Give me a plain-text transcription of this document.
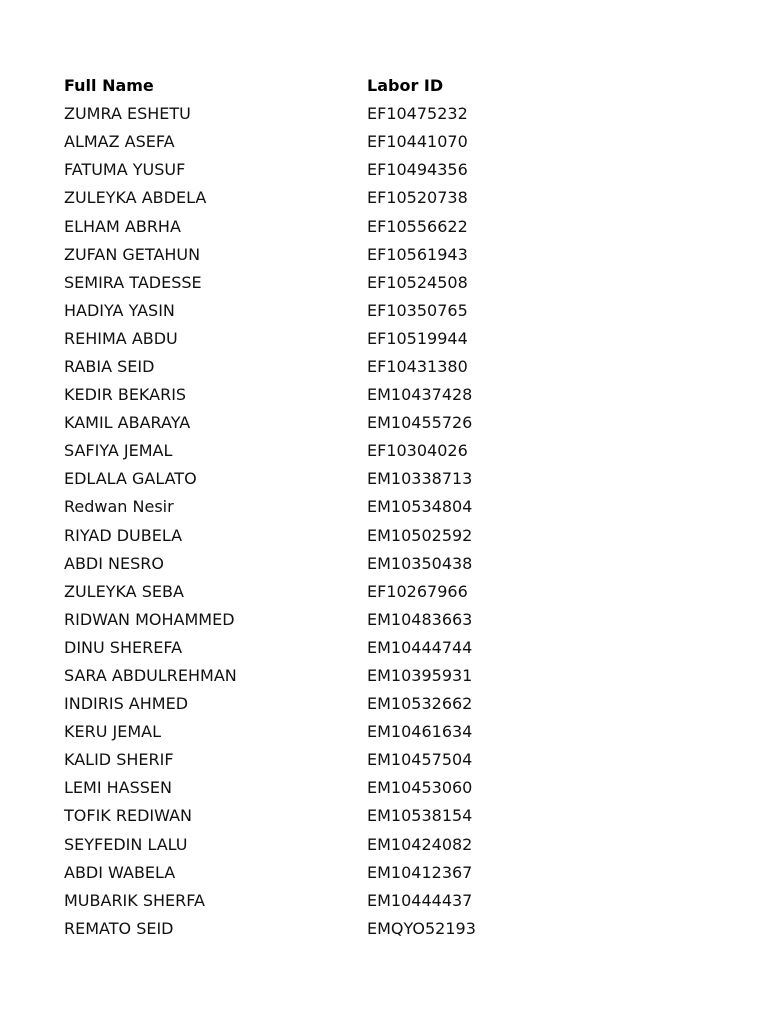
Full Name	Labor ID
ZUMRA ESHETU	EF10475232
ALMAZ ASEFA	EF10441070
FATUMA YUSUF	EF10494356
ZULEYKA ABDELA	EF10520738
ELHAM ABRHA	EF10556622
ZUFAN GETAHUN	EF10561943
SEMIRA TADESSE	EF10524508
HADIYA YASIN	EF10350765
REHIMA ABDU	EF10519944
RABIA SEID	EF10431380
KEDIR BEKARIS	EM10437428
KAMIL ABARAYA	EM10455726
SAFIYA JEMAL	EF10304026
EDLALA GALATO	EM10338713
Redwan Nesir	EM10534804
RIYAD DUBELA	EM10502592
ABDI NESRO	EM10350438
ZULEYKA SEBA	EF10267966
RIDWAN MOHAMMED	EM10483663
DINU SHEREFA	EM10444744
SARA ABDULREHMAN	EM10395931
INDIRIS AHMED	EM10532662
KERU JEMAL	EM10461634
KALID SHERIF	EM10457504
LEMI HASSEN	EM10453060
TOFIK REDIWAN	EM10538154
SEYFEDIN LALU	EM10424082
ABDI WABELA	EM10412367
MUBARIK SHERFA	EM10444437
REMATO SEID	EMQYO52193
